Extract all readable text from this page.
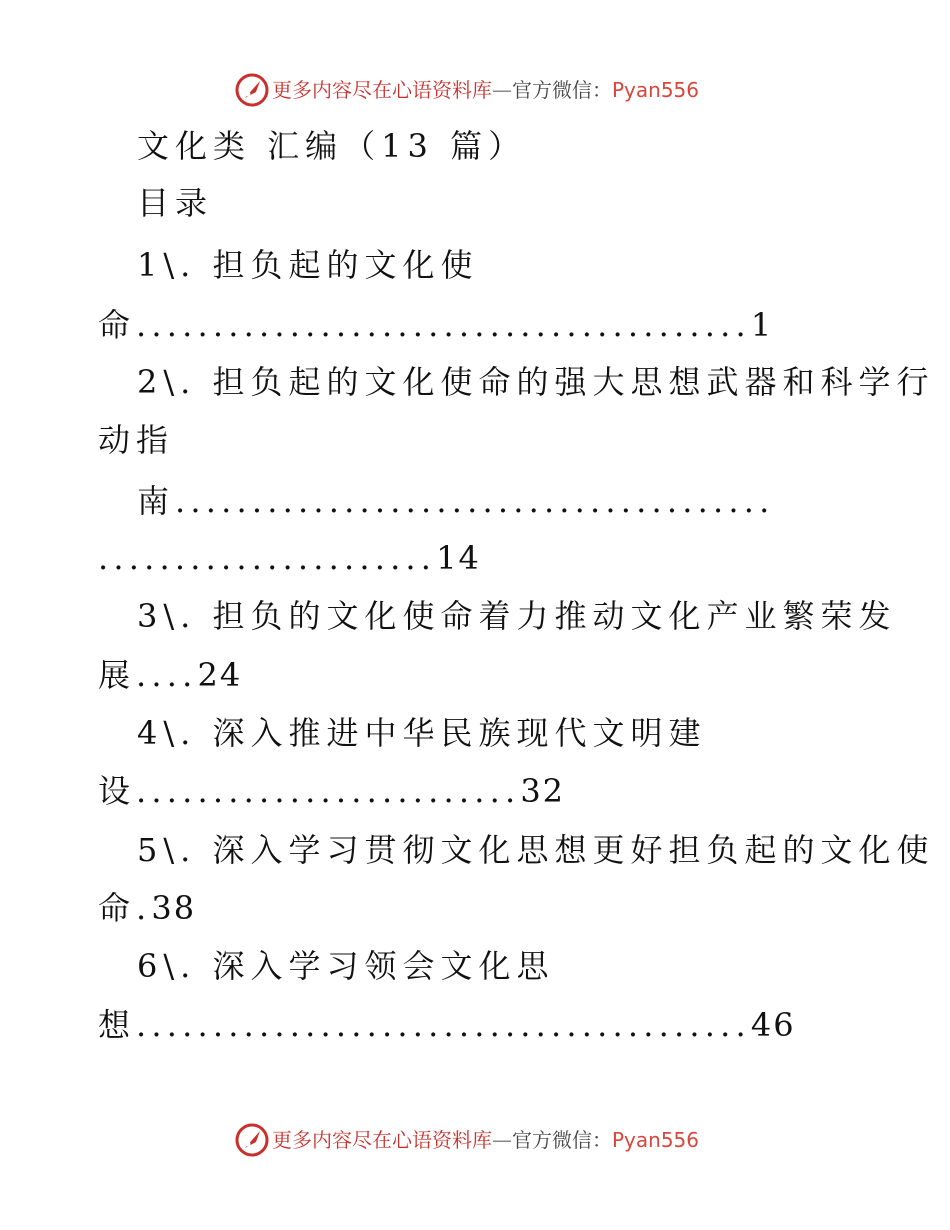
更多内容尽在心语资料库—官方微信：Pyan556
文化类 汇编（13 篇）
目录
1\. 担负起的文化使
命........................................1
2\. 担负起的文化使命的强大思想武器和科学行
动指
南.......................................
......................14
3\. 担负的文化使命着力推动文化产业繁荣发
展....24
4\. 深入推进中华民族现代文明建
设.........................32
5\. 深入学习贯彻文化思想更好担负起的文化使
命.38
6\. 深入学习领会文化思
想........................................46
更多内容尽在心语资料库—官方微信：Pyan556
